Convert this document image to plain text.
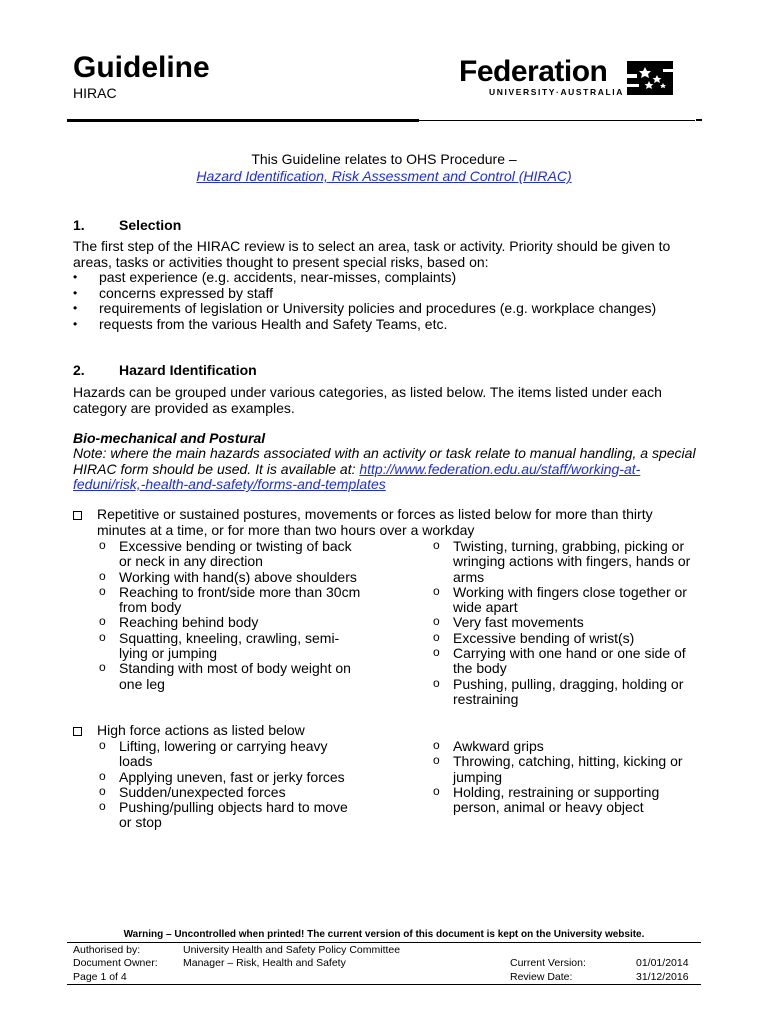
Guideline
HIRAC
Federation
UNIVERSITY·AUSTRALIA
This Guideline relates to OHS Procedure –
Hazard Identification, Risk Assessment and Control (HIRAC)
1. Selection
The first step of the HIRAC review is to select an area, task or activity. Priority should be given to areas, tasks or activities thought to present special risks, based on:
• past experience (e.g. accidents, near-misses, complaints)
• concerns expressed by staff
• requirements of legislation or University policies and procedures (e.g. workplace changes)
• requests from the various Health and Safety Teams, etc.
2. Hazard Identification
Hazards can be grouped under various categories, as listed below. The items listed under each category are provided as examples.
Bio-mechanical and Postural
Note: where the main hazards associated with an activity or task relate to manual handling, a special HIRAC form should be used. It is available at: http://www.federation.edu.au/staff/working-at-feduni/risk,-health-and-safety/forms-and-templates
Repetitive or sustained postures, movements or forces as listed below for more than thirty minutes at a time, or for more than two hours over a workday
o Excessive bending or twisting of back or neck in any direction
o Working with hand(s) above shoulders
o Reaching to front/side more than 30cm from body
o Reaching behind body
o Squatting, kneeling, crawling, semi-lying or jumping
o Standing with most of body weight on one leg
o Twisting, turning, grabbing, picking or wringing actions with fingers, hands or arms
o Working with fingers close together or wide apart
o Very fast movements
o Excessive bending of wrist(s)
o Carrying with one hand or one side of the body
o Pushing, pulling, dragging, holding or restraining
High force actions as listed below
o Lifting, lowering or carrying heavy loads
o Applying uneven, fast or jerky forces
o Sudden/unexpected forces
o Pushing/pulling objects hard to move or stop
o Awkward grips
o Throwing, catching, hitting, kicking or jumping
o Holding, restraining or supporting person, animal or heavy object
Warning – Uncontrolled when printed! The current version of this document is kept on the University website.
Authorised by:	University Health and Safety Policy Committee
Document Owner: Manager – Risk, Health and Safety	Current Version:	01/01/2014
Page 1 of 4	Review Date:	31/12/2016
